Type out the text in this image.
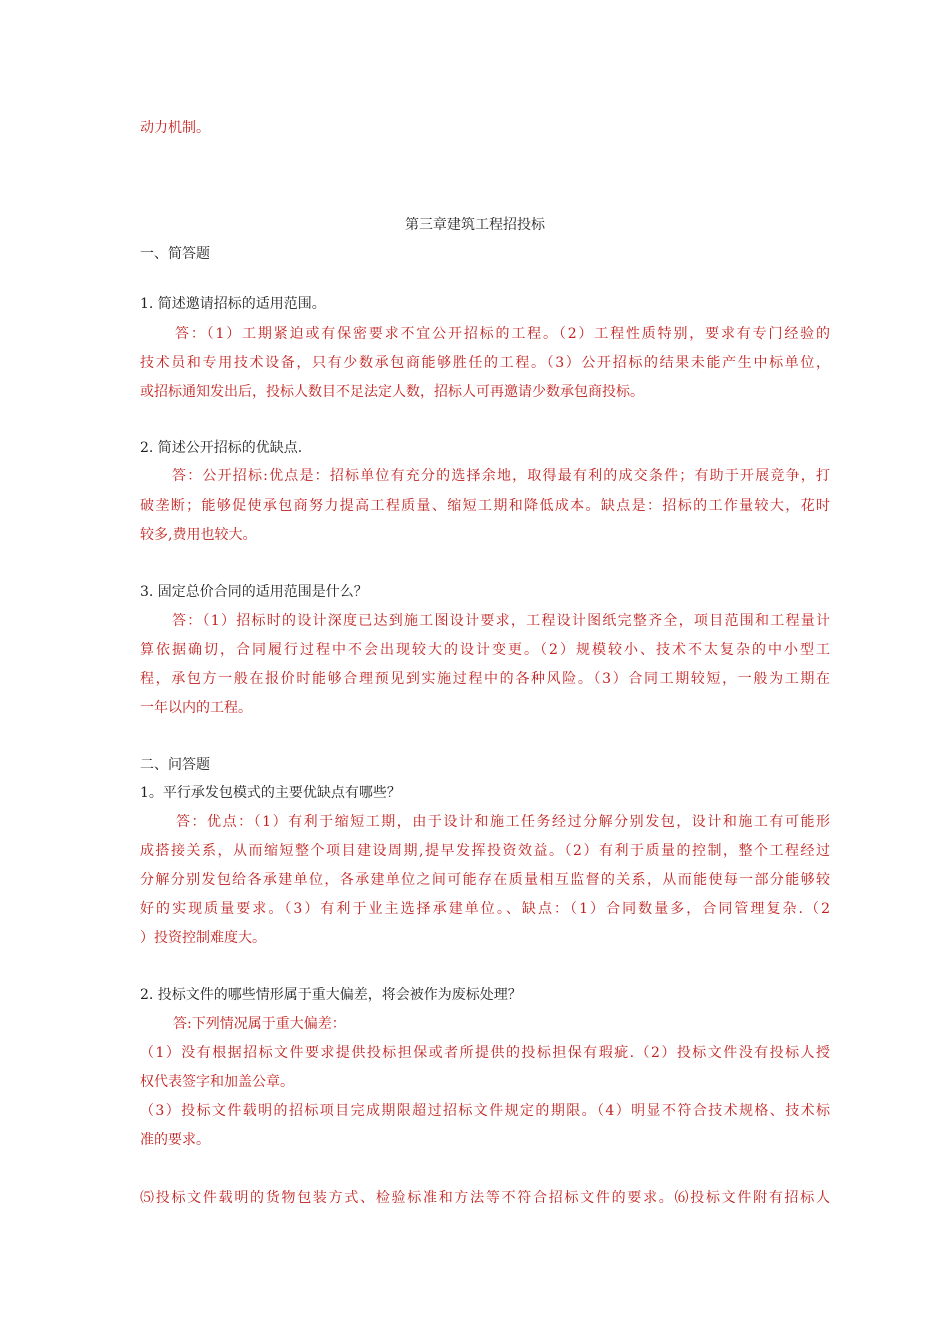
动力机制。
第三章建筑工程招投标
一、简答题
1. 简述邀请招标的适用范围。
答：（1）工期紧迫或有保密要求不宜公开招标的工程。（2）工程性质特别，要求有专门经验的
技术员和专用技术设备，只有少数承包商能够胜任的工程。（3）公开招标的结果未能产生中标单位，
或招标通知发出后，投标人数目不足法定人数，招标人可再邀请少数承包商投标。
2. 简述公开招标的优缺点.
答：公开招标:优点是：招标单位有充分的选择余地，取得最有利的成交条件；有助于开展竞争，打
破垄断；能够促使承包商努力提高工程质量、缩短工期和降低成本。缺点是：招标的工作量较大，花时
较多,费用也较大。
3. 固定总价合同的适用范围是什么？
答：（1）招标时的设计深度已达到施工图设计要求，工程设计图纸完整齐全，项目范围和工程量计
算依据确切，合同履行过程中不会出现较大的设计变更。（2）规模较小、技术不太复杂的中小型工
程，承包方一般在报价时能够合理预见到实施过程中的各种风险。（3）合同工期较短，一般为工期在
一年以内的工程。
二、问答题
1。平行承发包模式的主要优缺点有哪些？
答：优点：（1）有利于缩短工期，由于设计和施工任务经过分解分别发包，设计和施工有可能形
成搭接关系，从而缩短整个项目建设周期,提早发挥投资效益。（2）有利于质量的控制，整个工程经过
分解分别发包给各承建单位，各承建单位之间可能存在质量相互监督的关系，从而能使每一部分能够较
好的实现质量要求。（3）有利于业主选择承建单位。、缺点：（1）合同数量多，合同管理复杂.（2
）投资控制难度大。
2. 投标文件的哪些情形属于重大偏差，将会被作为废标处理？
答:下列情况属于重大偏差：
（1）没有根据招标文件要求提供投标担保或者所提供的投标担保有瑕疵.（2）投标文件没有投标人授
权代表签字和加盖公章。
（3）投标文件载明的招标项目完成期限超过招标文件规定的期限。（4）明显不符合技术规格、技术标
准的要求。
⑸投标文件载明的货物包装方式、检验标准和方法等不符合招标文件的要求。⑹投标文件附有招标人
